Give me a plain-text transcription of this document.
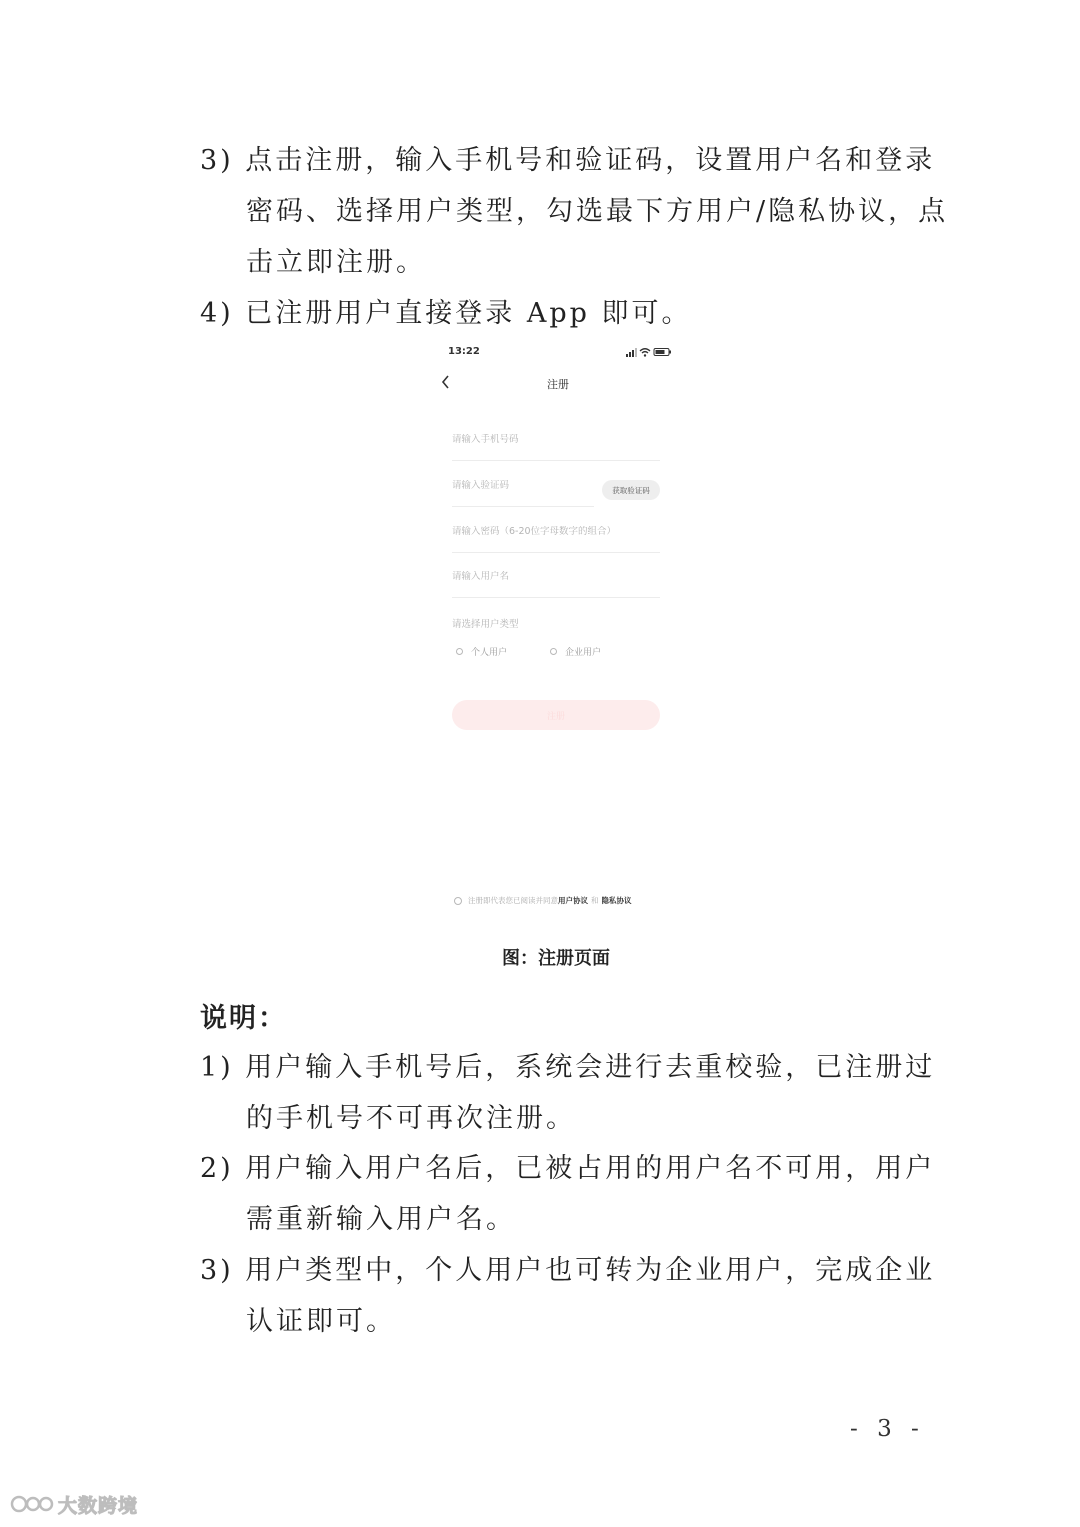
3) 点击注册，输入手机号和验证码，设置用户名和登录
密码、选择用户类型，勾选最下方用户/隐私协议，点
击立即注册。
4) 已注册用户直接登录 App 即可。
13:22
注册
请输入手机号码
请输入验证码
获取验证码
请输入用户名
请选择用户类型
个人用户	企业用户
注册
注册即代表您已阅读并同意 用户协议 和 隐私协议
图：注册页面
说明：
1) 用户输入手机号后，系统会进行去重校验，已注册过
的手机号不可再次注册。
2) 用户输入用户名后，已被占用的用户名不可用，用户
需重新输入用户名。
3) 用户类型中，个人用户也可转为企业用户，完成企业
认证即可。
- 3 -
大数跨境
